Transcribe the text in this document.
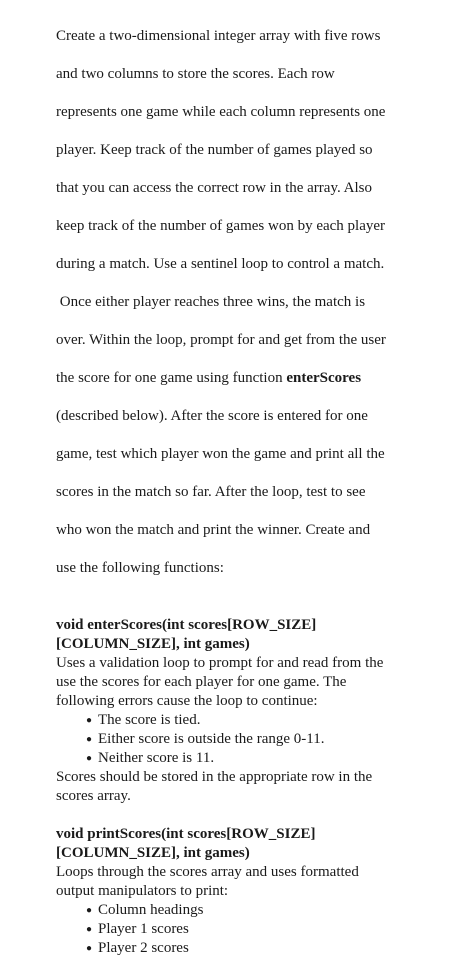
Create a two-dimensional integer array with five rows

and two columns to store the scores. Each row

represents one game while each column represents one

player. Keep track of the number of games played so

that you can access the correct row in the array. Also

keep track of the number of games won by each player

during a match. Use a sentinel loop to control a match.

Once either player reaches three wins, the match is

over. Within the loop, prompt for and get from the user

the score for one game using function enterScores

(described below). After the score is entered for one

game, test which player won the game and print all the

scores in the match so far. After the loop, test to see

who won the match and print the winner. Create and

use the following functions:

void enterScores(int scores[ROW_SIZE]
[COLUMN_SIZE], int games)
Uses a validation loop to prompt for and read from the
use the scores for each player for one game. The
following errors cause the loop to continue:
● The score is tied.
● Either score is outside the range 0-11.
● Neither score is 11.
Scores should be stored in the appropriate row in the
scores array.
void printScores(int scores[ROW_SIZE]
[COLUMN_SIZE], int games)
Loops through the scores array and uses formatted
output manipulators to print:
● Column headings
● Player 1 scores
● Player 2 scores
